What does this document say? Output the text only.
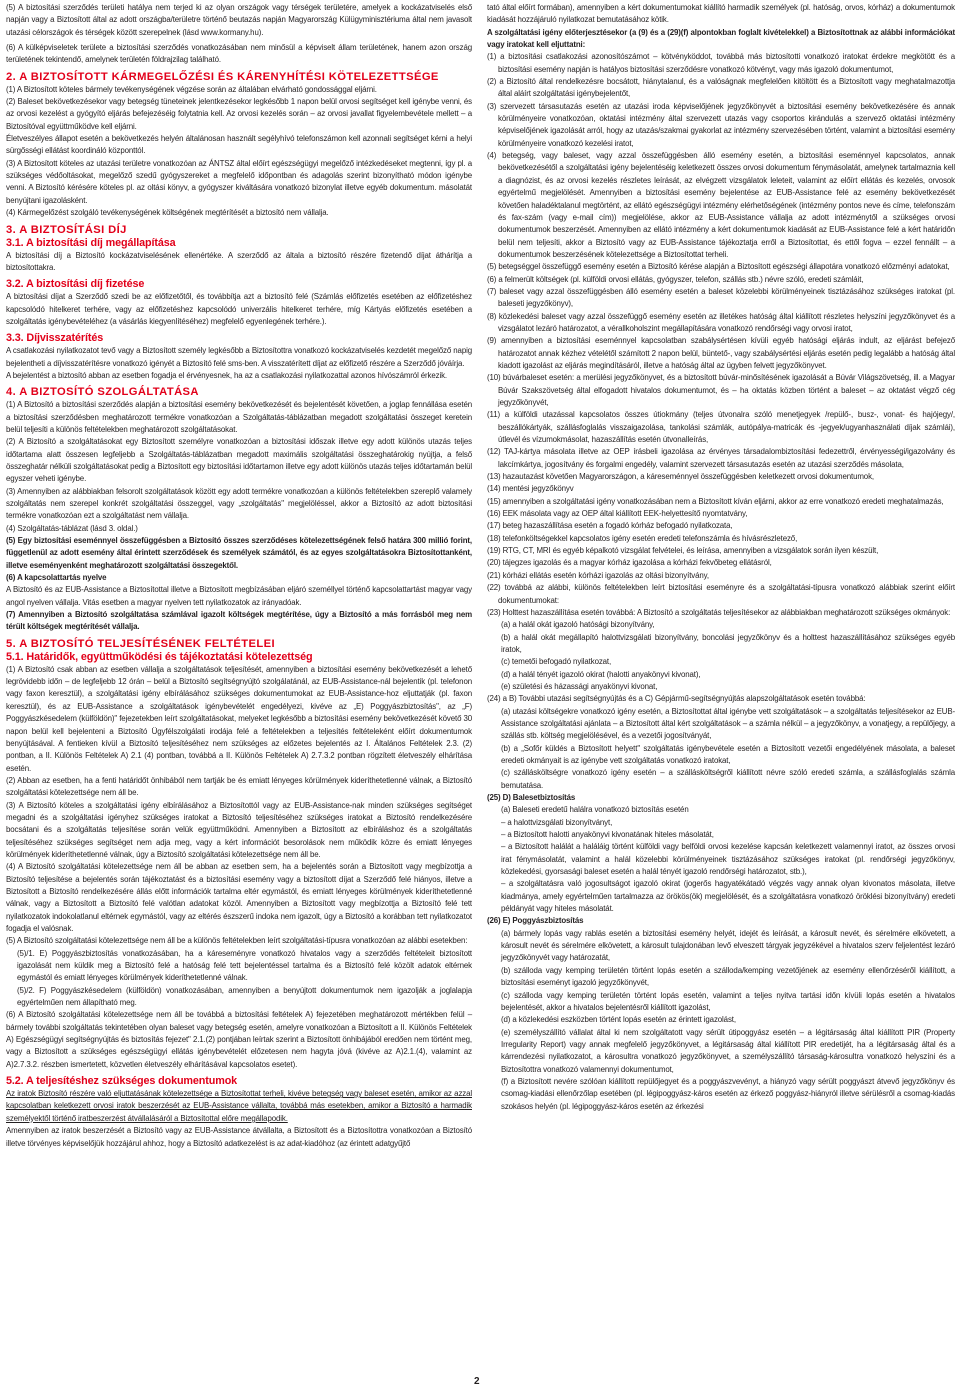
(5) A biztosítási szerződés területi hatálya nem terjed ki az olyan országok vagy térségek területére, amelyek a kockázatviselés első napján vagy a Biztosított által az adott országba/területre történő beutazás napján Magyarország Külügyminisztériuma által nem javasolt utazási célországok és térségek között szerepelnek (lásd www.kormany.hu).

(6) A külképviseletek területe a biztosítási szerződés vonatkozásában nem minősül a képviselt állam területének, hanem azon ország területének tekintendő, amelynek területén földrajzilag található.

2. A BIZTOSÍTOTT KÁRMEGELŐZÉSI ÉS KÁRENYHÍTÉSI KÖTELEZETTSÉGE

(1) A Biztosított köteles bármely tevékenységének végzése során az általában elvárható gondossággal eljárni.

(2) Baleset bekövetkezésekor vagy betegség tüneteinek jelentkezésekor legkésőbb 1 napon belül orvosi segítséget kell igénybe venni, és az orvosi kezelést a gyógyító eljárás befejezéséig folytatnia kell. Az orvosi kezelés során – az orvosi javallat figyelembevétele mellett – a Biztosítóval együttműködve kell eljárni.

Életveszélyes állapot esetén a bekövetkezés helyén általánosan használt segélyhívó telefonszámon kell azonnali segítséget kérni a helyi sürgősségi ellátást koordináló központtól.

(3) A Biztosított köteles az utazási területre vonatkozóan az ÁNTSZ által előírt egészségügyi megelőző intézkedéseket megtenni, így pl. a szükséges védőoltásokat, megelőző szedű gyógyszereket a megfelelő időpontban és adagolás szerint bizonyítható módon igénybe venni. A Biztosító kérésére köteles pl. az oltási könyv, a gyógyszer kiváltására vonatkozó bizonylat illetve egyéb dokumentum. másolatát benyújtani igazolásként.

(4) Kármegelőzést szolgáló tevékenységének költségének megtérítését a biztosító nem vállalja.

3. A BIZTOSÍTÁSI DÍJ
3.1. A biztosítási díj megállapítása

A biztosítási díj a Biztosító kockázatviselésének ellenértéke. A szerződő az általa a biztosító részére fizetendő díjat áthárítja a biztosítottakra.

3.2. A biztosítási díj fizetése

A biztosítási díjat a Szerződő szedi be az előfizetőtől, és továbbítja azt a biztosító felé (Számlás előfizetés esetében az előfizetéshez kapcsolódó hitelkeret terhére, vagy az előfizetéshez kapcsolódó univerzális hitelkeret terhére, míg Kártyás előfizetés esetében a szolgáltatás igénybevételéhez (a vásárlás kiegyenlítéséhez) megfelelő egyenlegének terhére.).

3.3. Díjvisszatérítés

A csatlakozási nyilatkozatot tevő vagy a Biztosított személy legkésőbb a Biztosítottra vonatkozó kockázatviselés kezdetét megelőző napig bejelentheti a díjvisszatérítésre vonatkozó igényét a Biztosító felé sms-ben. A visszatérített díjat az előfizető részére a Szerződő jóváírja.

A bejelentést a biztosító abban az esetben fogadja el érvényesnek, ha az a csatlakozási nyilatkozattal azonos hívószámról érkezik.

4. A BIZTOSÍTÓ SZOLGÁLTATÁSA

(1) A Biztosító a biztosítási szerződés alapján a biztosítási esemény bekövetkezését és bejelentését követően, a joglap fennállása esetén a biztosítási szerződésben meghatározott termékre vonatkozóan a Szolgáltatás-táblázatban megadott szolgáltatási összeget keretein belül teljesíti a különös feltételekben meghatározott szolgáltatásokat.

(2) A Biztosító a szolgáltatásokat egy Biztosított személyre vonatkozóan a biztosítási időszak illetve egy adott különös utazás teljes időtartama alatt összesen legfeljebb a Szolgáltatás-táblázatban megadott maximális szolgáltatási összeghatárokig nyújtja, a felső összeghatár nélküli szolgáltatásokat pedig a Biztosított egy biztosítási időtartamon illetve egy adott különös utazás teljes időtartamán belül egyszer veheti igénybe.

(3) Amennyiben az alábbiakban felsorolt szolgáltatások között egy adott termékre vonatkozóan a különös feltételekben szereplő valamely szolgáltatás nem szerepel konkrét szolgáltatási összeggel, vagy „szolgáltatás" megjelöléssel, akkor a Biztosító az adott biztosítási termékre vonatkozóan ezt a szolgáltatást nem vállalja.

(4) Szolgáltatás-táblázat (lásd 3. oldal.)

(5) Egy biztosítási eseménnyel összefüggésben a Biztosító összes szerződéses kötelezettségének felső határa 300 millió forint, függetlenül az adott esemény által érintett szerződések és személyek számától, és az egyes szolgáltatásokra Biztosítottanként, illetve eseményenként meghatározott szolgáltatási összegektől.

(6) A kapcsolattartás nyelve

A Biztosító és az EUB-Assistance a Biztosítottal illetve a Biztosított megbízásában eljáró személlyel történő kapcsolattartást magyar vagy angol nyelven vállalja. Vitás esetben a magyar nyelven tett nyilatkozatok az irányadóak.

(7) Amennyiben a Biztosító szolgáltatása számlával igazolt költségek megtérítése, úgy a Biztosító a más forrásból meg nem térült költségek megtérítését vállalja.

5. A BIZTOSÍTÓ TELJESÍTÉSÉNEK FELTÉTELEI
5.1. Határidők, együttműködési és tájékoztatási kötelezettség

(1) A Biztosító csak abban az esetben vállalja a szolgáltatások teljesítését, amennyiben a biztosítási esemény bekövetkezését a lehető legrövidebb időn – de legfeljebb 12 órán – belül a Biztosító segítségnyújtó szolgálatánál, az EUB-Assistance-nál bejelentik (pl. telefonon vagy faxon keresztül), a szolgáltatási igény elbírálásához szükséges dokumentumokat az EUB-Assistance-hoz eljuttatják (pl. faxon keresztül), és az EUB-Assistance a szolgáltatások igénybevételét engedélyezi, kivéve az „E) Poggyászbiztosítás", az „F) Poggyászkésedelem (külföldön)" fejezetekben leírt szolgáltatásokat, melyeket legkésőbb a biztosítási esemény bekövetkezését követő 30 napon belül kell bejelenteni a Biztosító Ügyfélszolgálati irodája felé a feltételekben a teljesítés feltételeként előírt dokumentumok benyújtásával. A fentieken kívül a Biztosító teljesítéséhez nem szükséges az előzetes bejelentés az I. Általános Feltételek 2.3. (2) pontban, a II. Különös Feltételek A) 2.1 (4) pontban, továbbá a II. Különös Feltételek A) 2.7.3.2 pontban rögzített életveszély elhárítása esetén.

(2) Abban az esetben, ha a fenti határidőt önhibából nem tartják be és emiatt lényeges körülmények kideríthetetlenné válnak, a Biztosító szolgáltatási kötelezettsége nem áll be.

(3) A Biztosító köteles a szolgáltatási igény elbírálásához a Biztosítottól vagy az EUB-Assistance-nak minden szükséges segítséget megadni és a szolgáltatási igényhez szükséges iratokat a Biztosító teljesítéséhez szükséges iratokat a Biztosító rendelkezésére bocsátani és a szolgáltatás teljesítése során velük együttműködni. Amennyiben a Biztosított az elbíráláshoz és a szolgáltatás teljesítéséhez szükséges segítséget nem adja meg, vagy a kért információt besorolások nem működik közre és emiatt lényeges körülmények kideríthetetlenné válnak, úgy a Biztosító szolgáltatási kötelezettsége nem áll be.

(4) A Biztosító szolgáltatási kötelezettsége nem áll be abban az esetben sem, ha a bejelentés során a Biztosított vagy megbízottja a Biztosító teljesítése a bejelentés során tájékoztatást és a biztosítási esemény vagy a biztosított díjat a Szerződő felé hiányos, illetve a Biztosított a Biztosító rendelkezésére állás előtt információk tartalma eltér egymástól, és emiatt lényeges körülmények kideríthetetlenné válnak, vagy a Biztosított a Biztosító felé valótlan adatokat közöl. Amennyiben a Biztosított vagy megbízottja a Biztosító felé tett nyilatkozatok indokolatlanul eltérnek egymástól, vagy az eltérés észszerű indoka nem igazolt, úgy a Biztosító a korábban tett nyilatkozatot fogadja el valósnak.

(5) A Biztosító szolgáltatási kötelezettsége nem áll be a különös feltételekben leírt szolgáltatási-típusra vonatkozóan az alábbi esetekben:

(5)/1. E) Poggyászbiztosítás vonatkozásában, ha a káreseményre vonatkozó hivatalos vagy a szerződés feltételeit biztosított igazolását nem küldik meg a Biztosító felé a hatóság felé tett bejelentéssel tartalma és a Biztosító felé közölt adatok eltérnek egymástól és emiatt lényeges körülmények kideríthetetlenné válnak.

(5)/2. F) Poggyászkésedelem (külföldön) vonatkozásában, amennyiben a benyújtott dokumentumok nem igazolják a joglalapja egyértelműen nem állapítható meg.

(6) A Biztosító szolgáltatási kötelezettsége nem áll be továbbá a biztosítási feltételek A) fejezetében meghatározott mértékben felül – bármely további szolgáltatás tekintetében olyan baleset vagy betegség esetén, amelyre vonatkozóan a Biztosított a II. Különös Feltételek A) Egészségügyi segítségnyújtás és biztosítás fejezet" 2.1.(2) pontjában leírtak szerint a Biztosított önhibájából eredően nem történt meg, vagy a Biztosított a szükséges egészségügyi ellátás igénybevételét előzetesen nem hagyta jóvá (kivéve az A)2.1.(4), valamint az A)2.7.3.2. részben ismertetett, közvetlen életveszély elhárításával kapcsolatos esetet).

5.2. A teljesítéshez szükséges dokumentumok

Az iratok Biztosító részére való eljuttatásának kötelezettsége a Biztosítottat terheli, kivéve betegség vagy baleset esetén, amikor az azzal kapcsolatban keletkezett orvosi iratok beszerzését az EUB-Assistance vállalta, továbbá más esetekben, amikor a Biztosító a harmadik személyektől történő iratbeszerzést átvállalásáról a Biztosítottal előre megállapodik.

Amennyiben az iratok beszerzését a Biztosító vagy az EUB-Assistance átvállalta, a Biztosított és a Biztosítottra vonatkozóan a Biztosító illetve törvényes képviselőjük hozzájárul ahhoz, hogy a Biztosító adatkezelést is az adat-kiadóhoz (az érintett adatgyűjtő

tató által előírt formában), amennyiben a kért dokumentumokat kiállító harmadik személyek (pl. hatóság, orvos, kórház) a dokumentumok kiadását hozzájáruló nyilatkozat bemutatásához kötik.

A szolgáltatási igény előterjesztésekor (a (9) és a (29)(f) alpontokban foglalt kivételekkel) a Biztosítottnak az alábbi információkat vagy iratokat kell eljuttatni:

(1) a biztosítási csatlakozási azonosítószámot – kötvényköddot, továbbá más biztosítotti vonatkozó iratokat érdekre megkötött és a biztosítási esemény napján is hatályos biztosítási szerződésre vonatkozó kötvényt, vagy más igazoló dokumentumot,

(2) a Biztosító által rendelkezésre bocsátott, hiánytalanul, és a valóságnak megfelelően kitöltött és a Biztosított vagy meghatalmazottja által aláírt szolgáltatási igénybejelentőt,

(3) szervezett társasutazás esetén az utazási iroda képviselőjének jegyzőkönyvét a biztosítási esemény bekövetkezésére és annak körülményeire vonatkozóan, oktatási intézmény által szervezett utazás vagy csoportos kirándulás a szervező oktatási intézmény képviselőjének igazolását arról, hogy az utazás/szakmai gyakorlat az intézmény szervezésében történt, valamint a biztosítási esemény körülményeire vonatkozó kezelési iratot,

(4) betegség, vagy baleset, vagy azzal összefüggésben álló esemény esetén, a biztosítási eseménnyel kapcsolatos, annak bekövetkezésétől a szolgáltatási igény bejelentéséig keletkezett összes orvosi dokumentum fénymásolatát, amelynek tartalmaznia kell a diagnózist, és az orvosi kezelés részletes leírását, az elvégzett vizsgálatok leleteit, valamint az előírt ellátás és kezelés, orvosok egyértelmű megjelölését. Amennyiben a biztosítási esemény bejelentése az EUB-Assistance felé az esemény bekövetkezését követően haladéktalanul megtörtént, az ellátó egészségügyi intézmény elérhetőségének (intézmény pontos neve és címe, telefonszám és fax-szám (vagy e-mail cím)) megjelölése, akkor az EUB-Assistance vállalja az adott intézménytől a szükséges orvosi dokumentumok beszerzését. Amennyiben az ellátó intézmény a kért dokumentumok kiadását az EUB-Assistance felé a kért határidőn belül nem teljesíti, akkor a Biztosító vagy az EUB-Assistance tájékoztatja erről a Biztosítottat, és ettől fogva – ezzel fennállt – a dokumentumok beszerzésének kötelezettsége a Biztosítottat terheli.

(5) betegséggel összefüggő esemény esetén a Biztosító kérése alapján a Biztosított egészségi állapotára vonatkozó előzményi adatokat,

(6) a felmerült költségek (pl. külföldi orvosi ellátás, gyógyszer, telefon, szállás stb.) névre szóló, eredeti számláit,

(7) baleset vagy azzal összefüggésben álló esemény esetén a baleset közelebbi körülményeinek tisztázásához szükséges iratokat (pl. baleseti jegyzőkönyv),

(8) közlekedési baleset vagy azzal összefüggő esemény esetén az illetékes hatóság által kiállított részletes helyszíni jegyzőkönyvet és a vizsgálatot lezáró határozatot, a vérallkoholszint megállapítására vonatkozó rendőrségi vagy orvosi iratot,

(9) amennyiben a biztosítási eseménnyel kapcsolatban szabálysértésen kívüli egyéb hatósági eljárás indult, az eljárást befejező határozatot annak kézhez vételétől számított 2 napon belül, büntető-, vagy szabálysértési eljárás esetén pedig legalább a hatóság által kiadott igazolást az eljárás megindításáról, illetve a hatóság által az ügyben felvett jegyzőkönyvet.

(10) búvárbaleset esetén: a merülési jegyzőkönyvet, és a biztosított búvár-minősítésének igazolását a Búvár Világszövetség, ill. a Magyar Búvár Szakszövetség által elfogadott hivatalos dokumentumot, és – ha oktatás közben történt a baleset – az oktatást végző cég jegyzőkönyvét,

(11) a külföldi utazással kapcsolatos összes útiokmány (teljes útvonalra szóló menetjegyek /repülő-, busz-, vonat- és hajójegy/, beszállókártyák, szállásfoglalás visszaigazolása, tankolási számlák, autópálya-matricák és -jegyek/ugyanhasználati díjak számlái), útlevél és vízumokmásolat, hazaszállítás esetén útvonalleírás,

(12) TAJ-kártya másolata illetve az OEP írásbeli igazolása az érvényes társadalombiztosítási fedezettről, érvényességi/igazolvány és lakcímkártya, jogosítvány és forgalmi engedély, valamint szervezett társasutazás esetén az utazási szerződés másolata,

(13) hazautazást követően Magyarországon, a káreseménnyel összefüggésben keletkezett orvosi dokumentumok,

(14) mentési jegyzőkönyv

(15) amennyiben a szolgáltatási igény vonatkozásában nem a Biztosított kíván eljárni, akkor az erre vonatkozó eredeti meghatalmazás,

(16) EEK másolata vagy az OEP által kiállított EEK-helyettesítő nyomtatvány,

(17) beteg hazaszállítása esetén a fogadó kórház befogadó nyilatkozata,

(18) telefonköltségekkel kapcsolatos igény esetén eredeti telefonszámla és hívásrészletező,

(19) RTG, CT, MRI és egyéb képalkotó vizsgálat felvételei, és leírása, amennyiben a vizsgálatok során ilyen készült,

(20) tájegzes igazolás és a magyar kórház igazolása a kórházi fekvőbeteg ellátásról,

(21) kórházi ellátás esetén kórházi igazolás az oltási bizonyítvány,

(22) továbbá az alábbi, különös feltételekben leírt biztosítási eseményre és a szolgáltatási-típusra vonatkozó alábbiak szerint előírt dokumentumokat:

(23) Holttest hazaszállítása esetén továbbá: A Biztosító a szolgáltatás teljesítésekor az alábbiakban meghatározott szükséges okmányok:

(a) a halál okát igazoló hatósági bizonyítvány,

(b) a halál okát megállapító halottvizsgálati bizonyítvány, boncolási jegyzőkönyv és a holttest hazaszállításához szükséges egyéb iratok,

(c) temetői befogadó nyilatkozat,

(d) a halál tényét igazoló okirat (halotti anyakönyvi kivonat),

(e) születési és házassági anyakönyvi kivonat,

(24) a B) További utazási segítségnyújtás és a C) Gépjármű-segítségnyújtás alapszolgáltatások esetén továbbá:

(a) utazási költségekre vonatkozó igény esetén, a Biztosítottat által igénybe vett szolgáltatások – a szolgáltatás teljesítésekor az EUB-Assistance szolgáltatási ajánlata – a Biztosított által kért szolgáltatások – a számla nélkül – a jegyzőkönyv, a vonatjegy, a repülőjegy, a szállás stb. költség megjelölésével, és a vezetői jogosítványát,

(b) a „Sofőr küldés a Biztosított helyett" szolgáltatás igénybevétele esetén a Biztosított vezetői engedélyének másolata, a baleset eredeti okmányait is az igénybe vett szolgáltatás vonatkozó iratokat,

(c) szállásköltségre vonatkozó igény esetén – a szállásköltségről kiállított névre szóló eredeti számla, a szállásfoglalás számla bemutatása.

(25) D) Balesetbiztosítás

(a) Baleseti eredetű halálra vonatkozó biztosítás esetén

– a halottvizsgálati bizonyítványt,

– a Biztosított halotti anyakönyvi kivonatának hiteles másolatát,

– a Biztosított halálát a haláláig történt külföldi vagy belföldi orvosi kezelése kapcsán keletkezett valamennyi iratot, az összes orvosi irat fénymásolatát, valamint a halál közelebbi körülményeinek tisztázásához szükséges iratokat (pl. rendőrségi jegyzőkönyv, közlekedési, gyorsasági baleset esetén a halál tényét igazoló rendőrségi határozatot, stb.),

– a szolgáltatásra való jogosultságot igazoló okirat (jogerős hagyatékátadó végzés vagy annak olyan kivonatos másolata, illetve kiadmánya, amely egyértelműen tartalmazza az örökös(ök) megjelölését, és a szolgáltatásra vonatkozó öröklési bizonyítvány) eredeti példányát vagy hiteles másolatát.

(26) E) Poggyászbiztosítás

(a) bármely lopás vagy rablás esetén a biztosítási esemény helyét, idejét és leírását, a károsult nevét, és sérelmére elkövetett, a károsult nevét és sérelmére elkövetett, a károsult tulajdonában levő elveszett tárgyak jegyzékével a hivatalos szerv feljelentést lezáró jegyzőkönyvét vagy határozatát,

(b) szálloda vagy kemping területén történt lopás esetén a szálloda/kemping vezetőjének az esemény ellenőrzéséről kiállított, a biztosítási eseményt igazoló jegyzőkönyvét,

(c) szálloda vagy kemping területén történt lopás esetén, valamint a teljes nyitva tartási időn kívüli lopás esetén a hivatalos bejelentését, akkor a hivatalos bejelentésről kiállított igazolást,

(d) a közlekedési eszközben történt lopás esetén az érintett igazolást,

(e) személyszállító vállalat által ki nem szolgáltatott vagy sérült útipoggyász esetén – a légitársaság által kiállított PIR (Property Irregularity Report) vagy annak megfelelő jegyzőkönyvet, a légitársaság által kiállított PIR eredetijét, ha a légitársaság által és a kárrendezési nyilatkozatot, a károsultra vonatkozó jegyzőkönyvet, a személyszállító társaság-károsultra vonatkozó helyszíni és a Biztosítottra vonatkozó valamennyi dokumentumot,

(f) a Biztosított nevére szólóan kiállított repülőjegyet és a poggyászvevényt, a hiányzó vagy sérült poggyászt átvevő jegyzőkönyv és csomag-kiadási ellenőrzőlap esetében (pl. légipoggyász-káros esetén az érkező poggyász-hiányról illetve sérülésről a csomag-kiadás szokásos helyén (pl. légipoggyász-káros esetén az érkezési

2
